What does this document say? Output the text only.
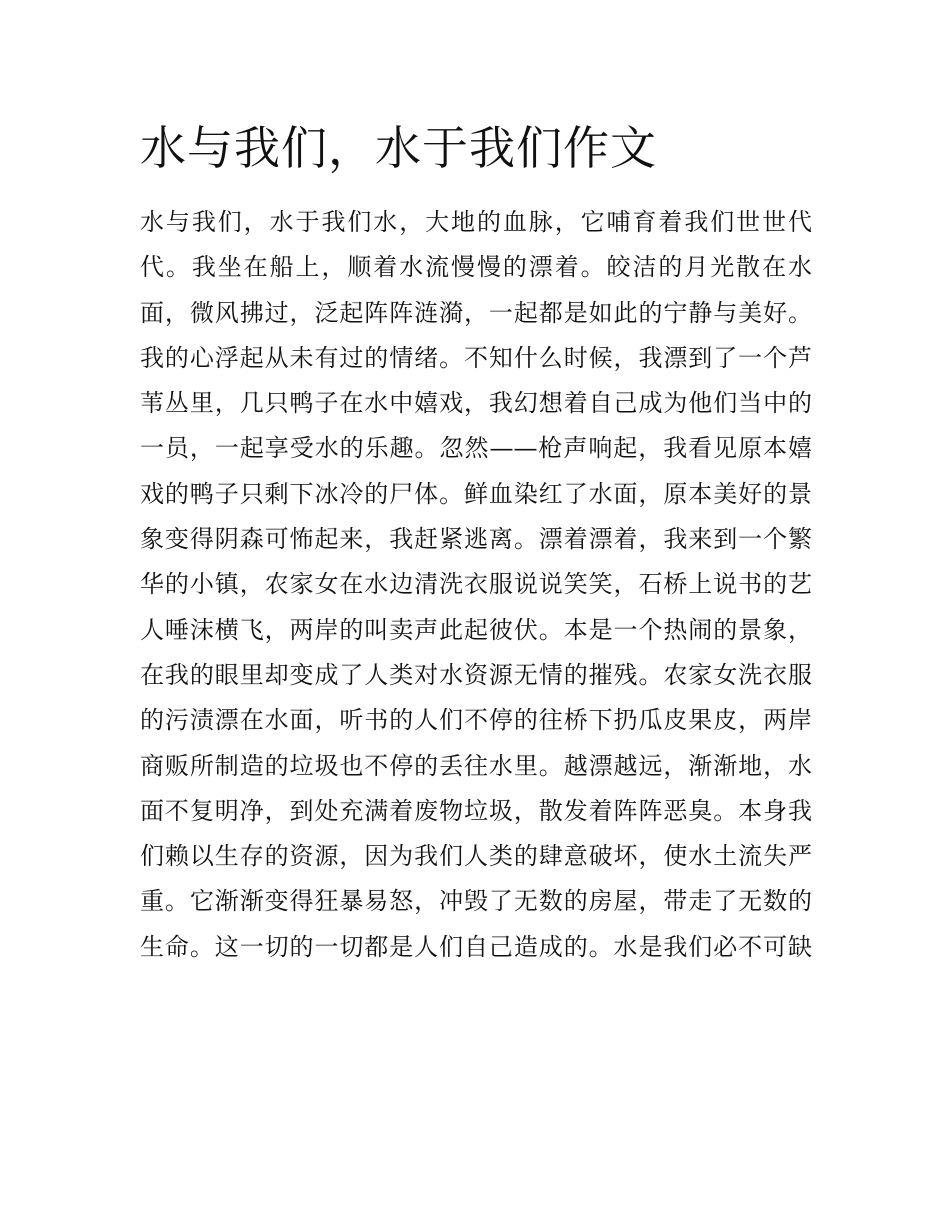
水与我们，水于我们作文
水与我们，水于我们水，大地的血脉，它哺育着我们世世代
代。我坐在船上，顺着水流慢慢的漂着。皎洁的月光散在水
面，微风拂过，泛起阵阵涟漪，一起都是如此的宁静与美好。
我的心浮起从未有过的情绪。不知什么时候，我漂到了一个芦
苇丛里，几只鸭子在水中嬉戏，我幻想着自己成为他们当中的
一员，一起享受水的乐趣。忽然——枪声响起，我看见原本嬉
戏的鸭子只剩下冰冷的尸体。鲜血染红了水面，原本美好的景
象变得阴森可怖起来，我赶紧逃离。漂着漂着，我来到一个繁
华的小镇，农家女在水边清洗衣服说说笑笑，石桥上说书的艺
人唾沫横飞，两岸的叫卖声此起彼伏。本是一个热闹的景象，
在我的眼里却变成了人类对水资源无情的摧残。农家女洗衣服
的污渍漂在水面，听书的人们不停的往桥下扔瓜皮果皮，两岸
商贩所制造的垃圾也不停的丢往水里。越漂越远，渐渐地，水
面不复明净，到处充满着废物垃圾，散发着阵阵恶臭。本身我
们赖以生存的资源，因为我们人类的肆意破坏，使水土流失严
重。它渐渐变得狂暴易怒，冲毁了无数的房屋，带走了无数的
生命。这一切的一切都是人们自己造成的。水是我们必不可缺
